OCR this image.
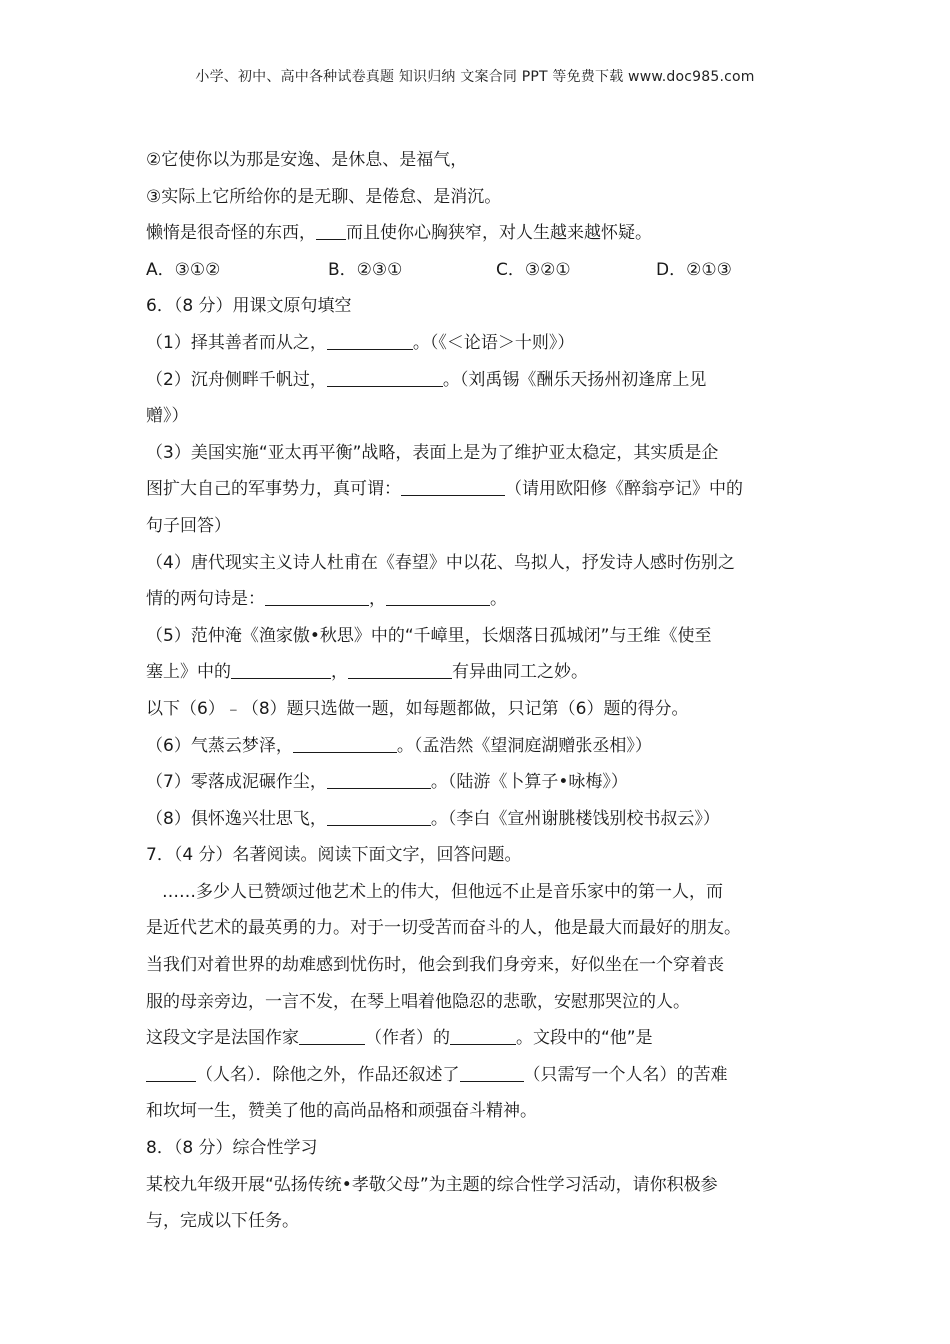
小学、初中、高中各种试卷真题 知识归纳 文案合同 PPT 等免费下载 www.doc985.com
②它使你以为那是安逸、是休息、是福气，
③实际上它所给你的是无聊、是倦怠、是消沉。
懒惰是很奇怪的东西， 而且使你心胸狭窄，对人生越来越怀疑。
A．③①②	B．②③①	C．③②①	D．②①③
6．（8 分）用课文原句填空
（1）择其善者而从之，	。（《＜论语＞十则》）
（2）沉舟侧畔千帆过，	。（刘禹锡《酬乐天扬州初逢席上见
赠》）
（3）美国实施“亚太再平衡”战略，表面上是为了维护亚太稳定，其实质是企
图扩大自己的军事势力，真可谓：	（请用欧阳修《醉翁亭记》中的
句子回答）
（4）唐代现实主义诗人杜甫在《春望》中以花、鸟拟人，抒发诗人感时伤别之
情的两句诗是：	，	。
（5）范仲淹《渔家傲•秋思》中的“千嶂里，长烟落日孤城闭”与王维《使至
塞上》中的	，	有异曲同工之妙。
以下（6）﹣（8）题只选做一题，如每题都做，只记第（6）题的得分。
（6）气蒸云梦泽，	。（孟浩然《望洞庭湖赠张丞相》）
（7）零落成泥碾作尘，	。（陆游《卜算子•咏梅》）
（8）俱怀逸兴壮思飞，	。（李白《宣州谢朓楼饯别校书叔云》）
7．（4 分）名著阅读。阅读下面文字，回答问题。
……多少人已赞颂过他艺术上的伟大，但他远不止是音乐家中的第一人，而
是近代艺术的最英勇的力。对于一切受苦而奋斗的人，他是最大而最好的朋友。
当我们对着世界的劫难感到忧伤时，他会到我们身旁来，好似坐在一个穿着丧
服的母亲旁边，一言不发，在琴上唱着他隐忍的悲歌，安慰那哭泣的人。
这段文字是法国作家	（作者）的	。文段中的“他”是
（人名）．除他之外，作品还叙述了	（只需写一个人名）的苦难
和坎坷一生，赞美了他的高尚品格和顽强奋斗精神。
8．（8 分）综合性学习
某校九年级开展“弘扬传统•孝敬父母”为主题的综合性学习活动，请你积极参
与，完成以下任务。
